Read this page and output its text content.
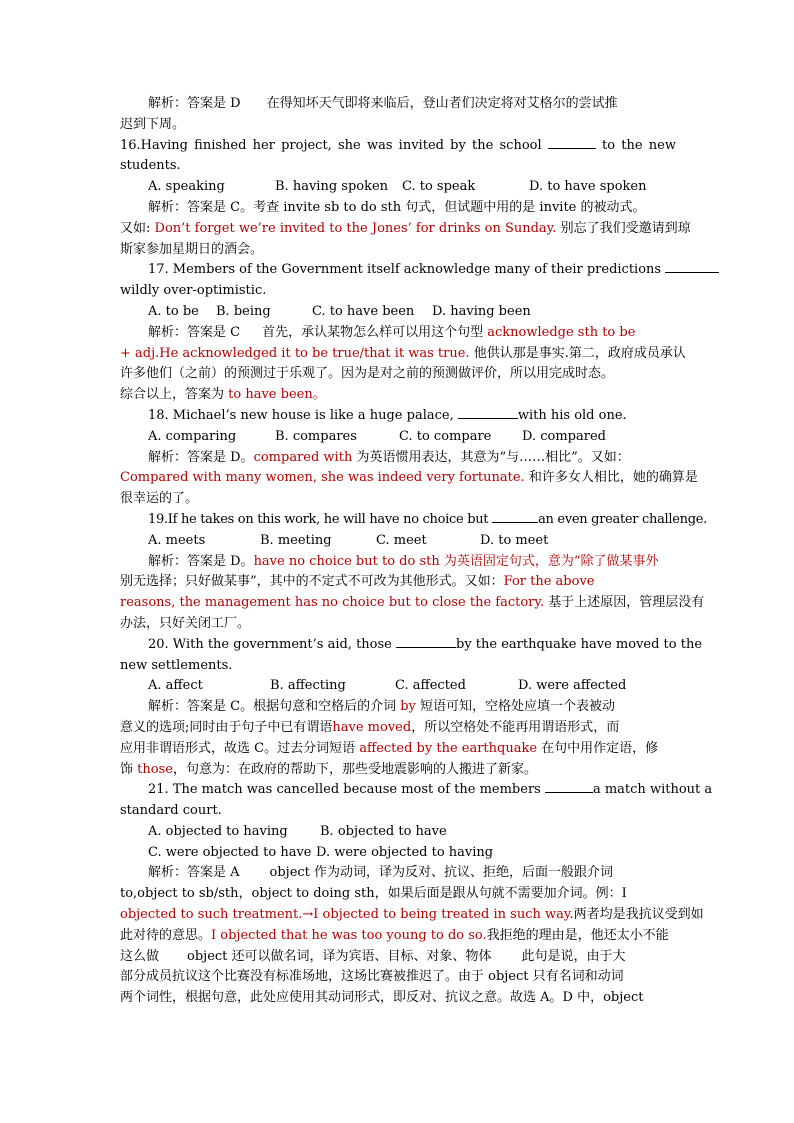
解析：答案是 D 在得知坏天气即将来临后，登山者们决定将对艾格尔的尝试推
迟到下周。
16.Having finished her project, she was invited by the school	to the new
students.
A. speaking	B. having spoken C. to speak	D. to have spoken
解析：答案是 C。考查 invite sb to do sth 句式，但试题中用的是 invite 的被动式。
又如: Don’t forget we’re invited to the Jones’ for drinks on Sunday. 别忘了我们受邀请到琼
斯家参加星期日的酒会。
17. Members of the Government itself acknowledge many of their predictions
wildly over-optimistic.
A. to be B. being	C. to have been D. having been
解析：答案是 C 首先，承认某物怎么样可以用这个句型 acknowledge sth to be
+ adj.He acknowledged it to be true/that it was true. 他供认那是事实.第二，政府成员承认
许多他们（之前）的预测过于乐观了。因为是对之前的预测做评价，所以用完成时态。
综合以上，答案为 to have been。
18. Michael’s new house is like a huge palace,	with his old one.
A. comparing	B. compares	C. to compare D. compared
解析：答案是 D。compared with 为英语惯用表达，其意为“与……相比”。又如：
Compared with many women, she was indeed very fortunate. 和许多女人相比，她的确算是
很幸运的了。
19.If he takes on this work, he will have no choice but	an even greater challenge.
A. meets	B. meeting	C. meet	D. to meet
解析：答案是 D。have no choice but to do sth 为英语固定句式，意为“除了做某事外
别无选择；只好做某事”，其中的不定式不可改为其他形式。又如：For the above
reasons, the management has no choice but to close the factory. 基于上述原因，管理层没有
办法，只好关闭工厂。
20. With the government’s aid, those	by the earthquake have moved to the
new settlements.
A. affect	B. affecting	C. affected	D. were affected
解析：答案是 C。根据句意和空格后的介词 by 短语可知，空格处应填一个表被动
意义的选项;同时由于句子中已有谓语have moved，所以空格处不能再用谓语形式，而
应用非谓语形式，故选 C。过去分词短语 affected by the earthquake 在句中用作定语，修
饰 those，句意为：在政府的帮助下，那些受地震影响的人搬进了新家。
21. The match was cancelled because most of the members	a match without a
standard court.
A. objected to having B. objected to have
C. were objected to have D. were objected to having
解析：答案是 A object 作为动词，译为反对、抗议、拒绝，后面一般跟介词
to,object to sb/sth，object to doing sth，如果后面是跟从句就不需要加介词。例：I
objected to such treatment.→I objected to being treated in such way.两者均是我抗议受到如
此对待的意思。I objected that he was too young to do so.我拒绝的理由是，他还太小不能
这么做 object 还可以做名词，译为宾语、目标、对象、物体 此句是说，由于大
部分成员抗议这个比赛没有标准场地，这场比赛被推迟了。由于 object 只有名词和动词
两个词性，根据句意，此处应使用其动词形式，即反对、抗议之意。故选 A。D 中，object
